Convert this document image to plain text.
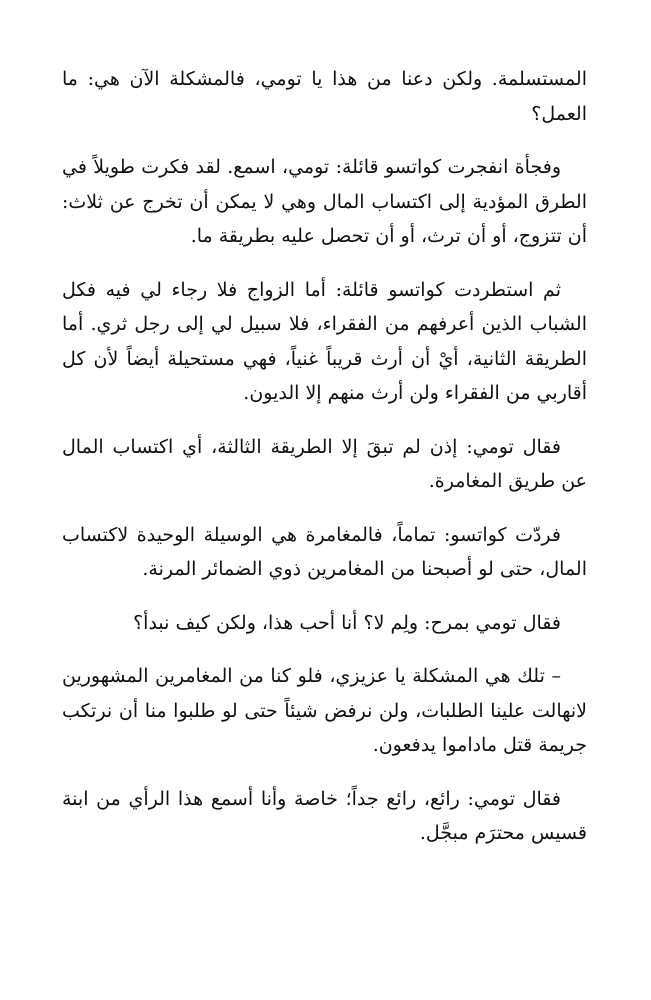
المستسلمة. ولكن دعنا من هذا يا تومي، فالمشكلة الآن هي: ما العمل؟

وفجأة انفجرت كواتسو قائلة: تومي، اسمع. لقد فكرت طويلاً في الطرق المؤدية إلى اكتساب المال وهي لا يمكن أن تخرج عن ثلاث: أن تتزوج، أو أن ترث، أو أن تحصل عليه بطريقة ما.

ثم استطردت كواتسو قائلة: أما الزواج فلا رجاء لي فيه فكل الشباب الذين أعرفهم من الفقراء، فلا سبيل لي إلى رجل ثري. أما الطريقة الثانية، أيْ أن أرث قريباً غنياً، فهي مستحيلة أيضاً لأن كل أقاربي من الفقراء ولن أرث منهم إلا الديون.

فقال تومي: إذن لم تبقَ إلا الطريقة الثالثة، أي اكتساب المال عن طريق المغامرة.

فردّت كواتسو: تماماً، فالمغامرة هي الوسيلة الوحيدة لاكتساب المال، حتى لو أصبحنا من المغامرين ذوي الضمائر المرنة.

فقال تومي بمرح: ولِم لا؟ أنا أحب هذا، ولكن كيف نبدأ؟

– تلك هي المشكلة يا عزيزي، فلو كنا من المغامرين المشهورين لانهالت علينا الطلبات، ولن نرفض شيئاً حتى لو طلبوا منا أن نرتكب جريمة قتل ماداموا يدفعون.

فقال تومي: رائع، رائع جداً؛ خاصة وأنا أسمع هذا الرأي من ابنة قسيس محترَم مبجَّل.
